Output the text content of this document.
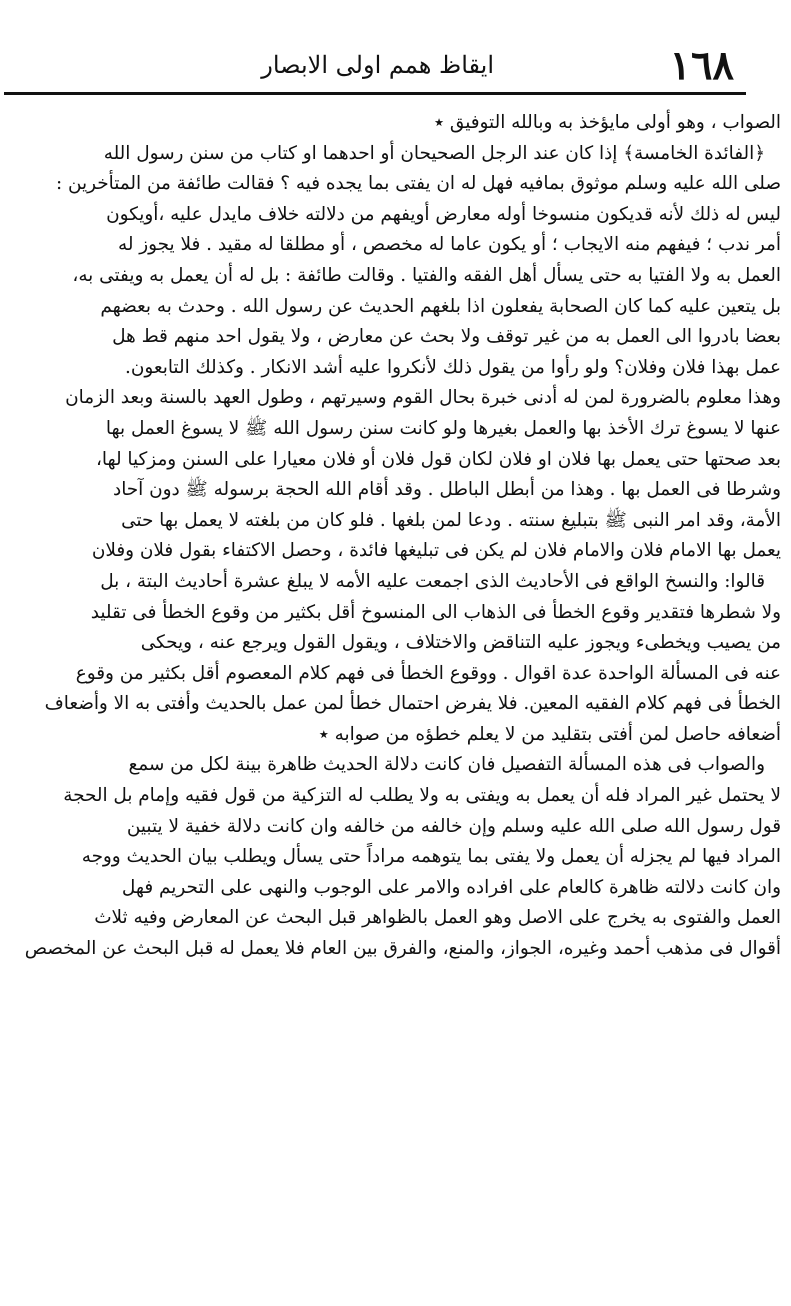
١٦٨
ايقاظ همم اولى الابصار
الصواب ، وهو أولى مايؤخذ به وبالله التوفيق ٭
﴿الفائدة الخامسة﴾ إذا كان عند الرجل الصحيحان أو احدهما او كتاب من سنن رسول الله
صلى الله عليه وسلم موثوق بمافيه فهل له ان يفتى بما يجده فيه ؟ فقالت طائفة من المتأخرين :
ليس له ذلك لأنه قديكون منسوخا أوله معارض أويفهم من دلالته خلاف مايدل عليه ،أويكون
أمر ندب ؛ فيفهم منه الايجاب ؛ أو يكون عاما له مخصص ، أو مطلقا له مقيد . فلا يجوز له
العمل به ولا الفتيا به حتى يسأل أهل الفقه والفتيا . وقالت طائفة : بل له أن يعمل به ويفتى به،
بل يتعين عليه كما كان الصحابة يفعلون اذا بلغهم الحديث عن رسول الله . وحدث به بعضهم
بعضا بادروا الى العمل به من غير توقف ولا بحث عن معارض ، ولا يقول احد منهم قط هل
عمل بهذا فلان وفلان؟ ولو رأوا من يقول ذلك لأنكروا عليه أشد الانكار . وكذلك التابعون.
وهذا معلوم بالضرورة لمن له أدنى خبرة بحال القوم وسيرتهم ، وطول العهد بالسنة وبعد الزمان
عنها لا يسوغ ترك الأخذ بها والعمل بغيرها ولو كانت سنن رسول الله ﷺ لا يسوغ العمل بها
بعد صحتها حتى يعمل بها فلان او فلان لكان قول فلان أو فلان معيارا على السنن ومزكيا لها،
وشرطا فى العمل بها . وهذا من أبطل الباطل . وقد أقام الله الحجة برسوله ﷺ دون آحاد
الأمة، وقد امر النبى ﷺ بتبليغ سنته . ودعا لمن بلغها . فلو كان من بلغته لا يعمل بها حتى
يعمل بها الامام فلان والامام فلان لم يكن فى تبليغها فائدة ، وحصل الاكتفاء بقول فلان وفلان
قالوا: والنسخ الواقع فى الأحاديث الذى اجمعت عليه الأمه لا يبلغ عشرة أحاديث البتة ، بل
ولا شطرها فتقدير وقوع الخطأ فى الذهاب الى المنسوخ أقل بكثير من وقوع الخطأ فى تقليد
من يصيب ويخطىء ويجوز عليه التناقض والاختلاف ، ويقول القول ويرجع عنه ، ويحكى
عنه فى المسألة الواحدة عدة اقوال . ووقوع الخطأ فى فهم كلام المعصوم أقل بكثير من وقوع
الخطأ فى فهم كلام الفقيه المعين. فلا يفرض احتمال خطأ لمن عمل بالحديث وأفتى به الا وأضعاف
أضعافه حاصل لمن أفتى بتقليد من لا يعلم خطؤه من صوابه ٭
والصواب فى هذه المسألة التفصيل فان كانت دلالة الحديث ظاهرة بينة لكل من سمع
لا يحتمل غير المراد فله أن يعمل به ويفتى به ولا يطلب له التزكية من قول فقيه وإمام بل الحجة
قول رسول الله صلى الله عليه وسلم وإن خالفه من خالفه وان كانت دلالة خفية لا يتبين
المراد فيها لم يجزله أن يعمل ولا يفتى بما يتوهمه مراداً حتى يسأل ويطلب بيان الحديث ووجه
وان كانت دلالته ظاهرة كالعام على افراده والامر على الوجوب والنهى على التحريم فهل
العمل والفتوى به يخرج على الاصل وهو العمل بالظواهر قبل البحث عن المعارض وفيه ثلاث
أقوال فى مذهب أحمد وغيره، الجواز، والمنع، والفرق بين العام فلا يعمل له قبل البحث عن المخصص
